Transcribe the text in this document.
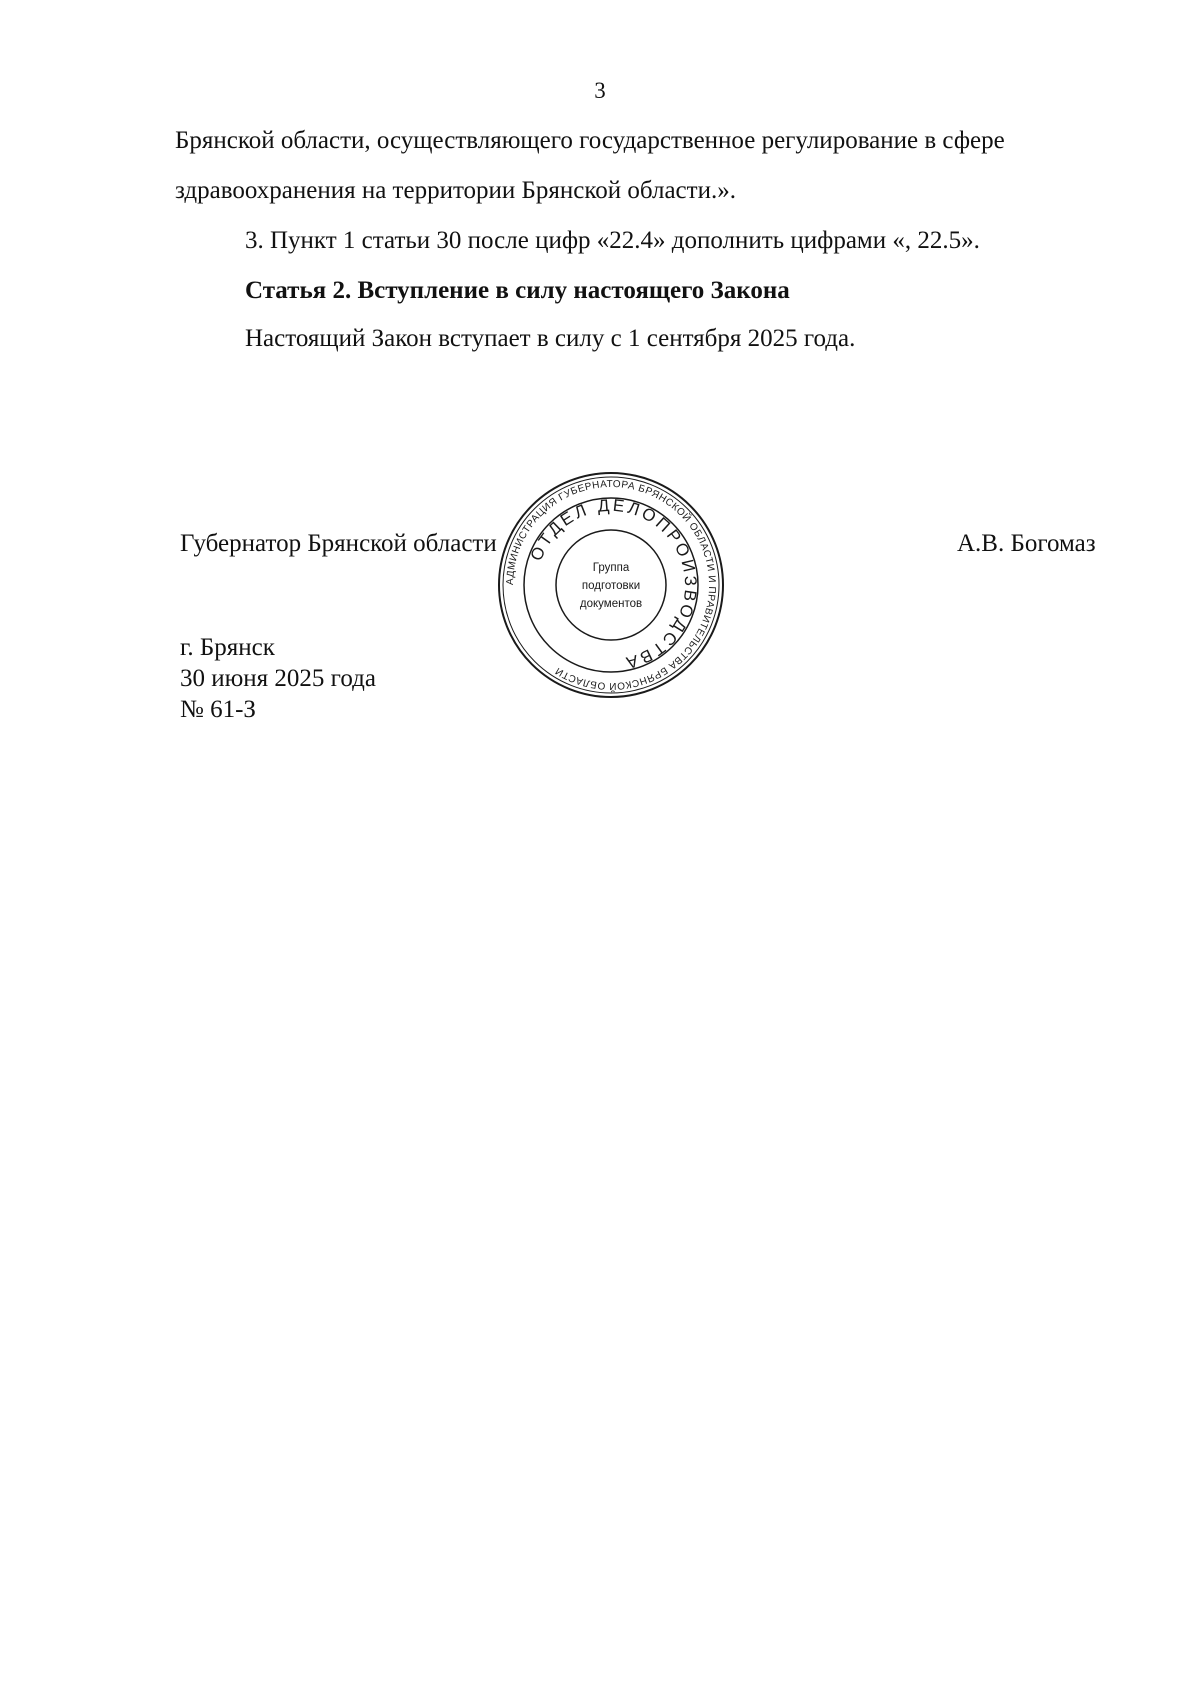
3
Брянской области, осуществляющего государственное регулирование в сфере
здравоохранения на территории Брянской области.».
3. Пункт 1 статьи 30 после цифр «22.4» дополнить цифрами «, 22.5».
Статья 2. Вступление в силу настоящего Закона
Настоящий Закон вступает в силу с 1 сентября 2025 года.
Губернатор Брянской области	А.В. Богомаз
г. Брянск
30 июня 2025 года
№ 61-З
АДМИНИСТРАЦИЯ ГУБЕРНАТОРА БРЯНСКОЙ ОБЛАСТИ И ПРАВИТЕЛЬСТВА БРЯНСКОЙ ОБЛАСТИ
ОТДЕЛ ДЕЛОПРОИЗВОДСТВА
Группа
подготовки
документов
